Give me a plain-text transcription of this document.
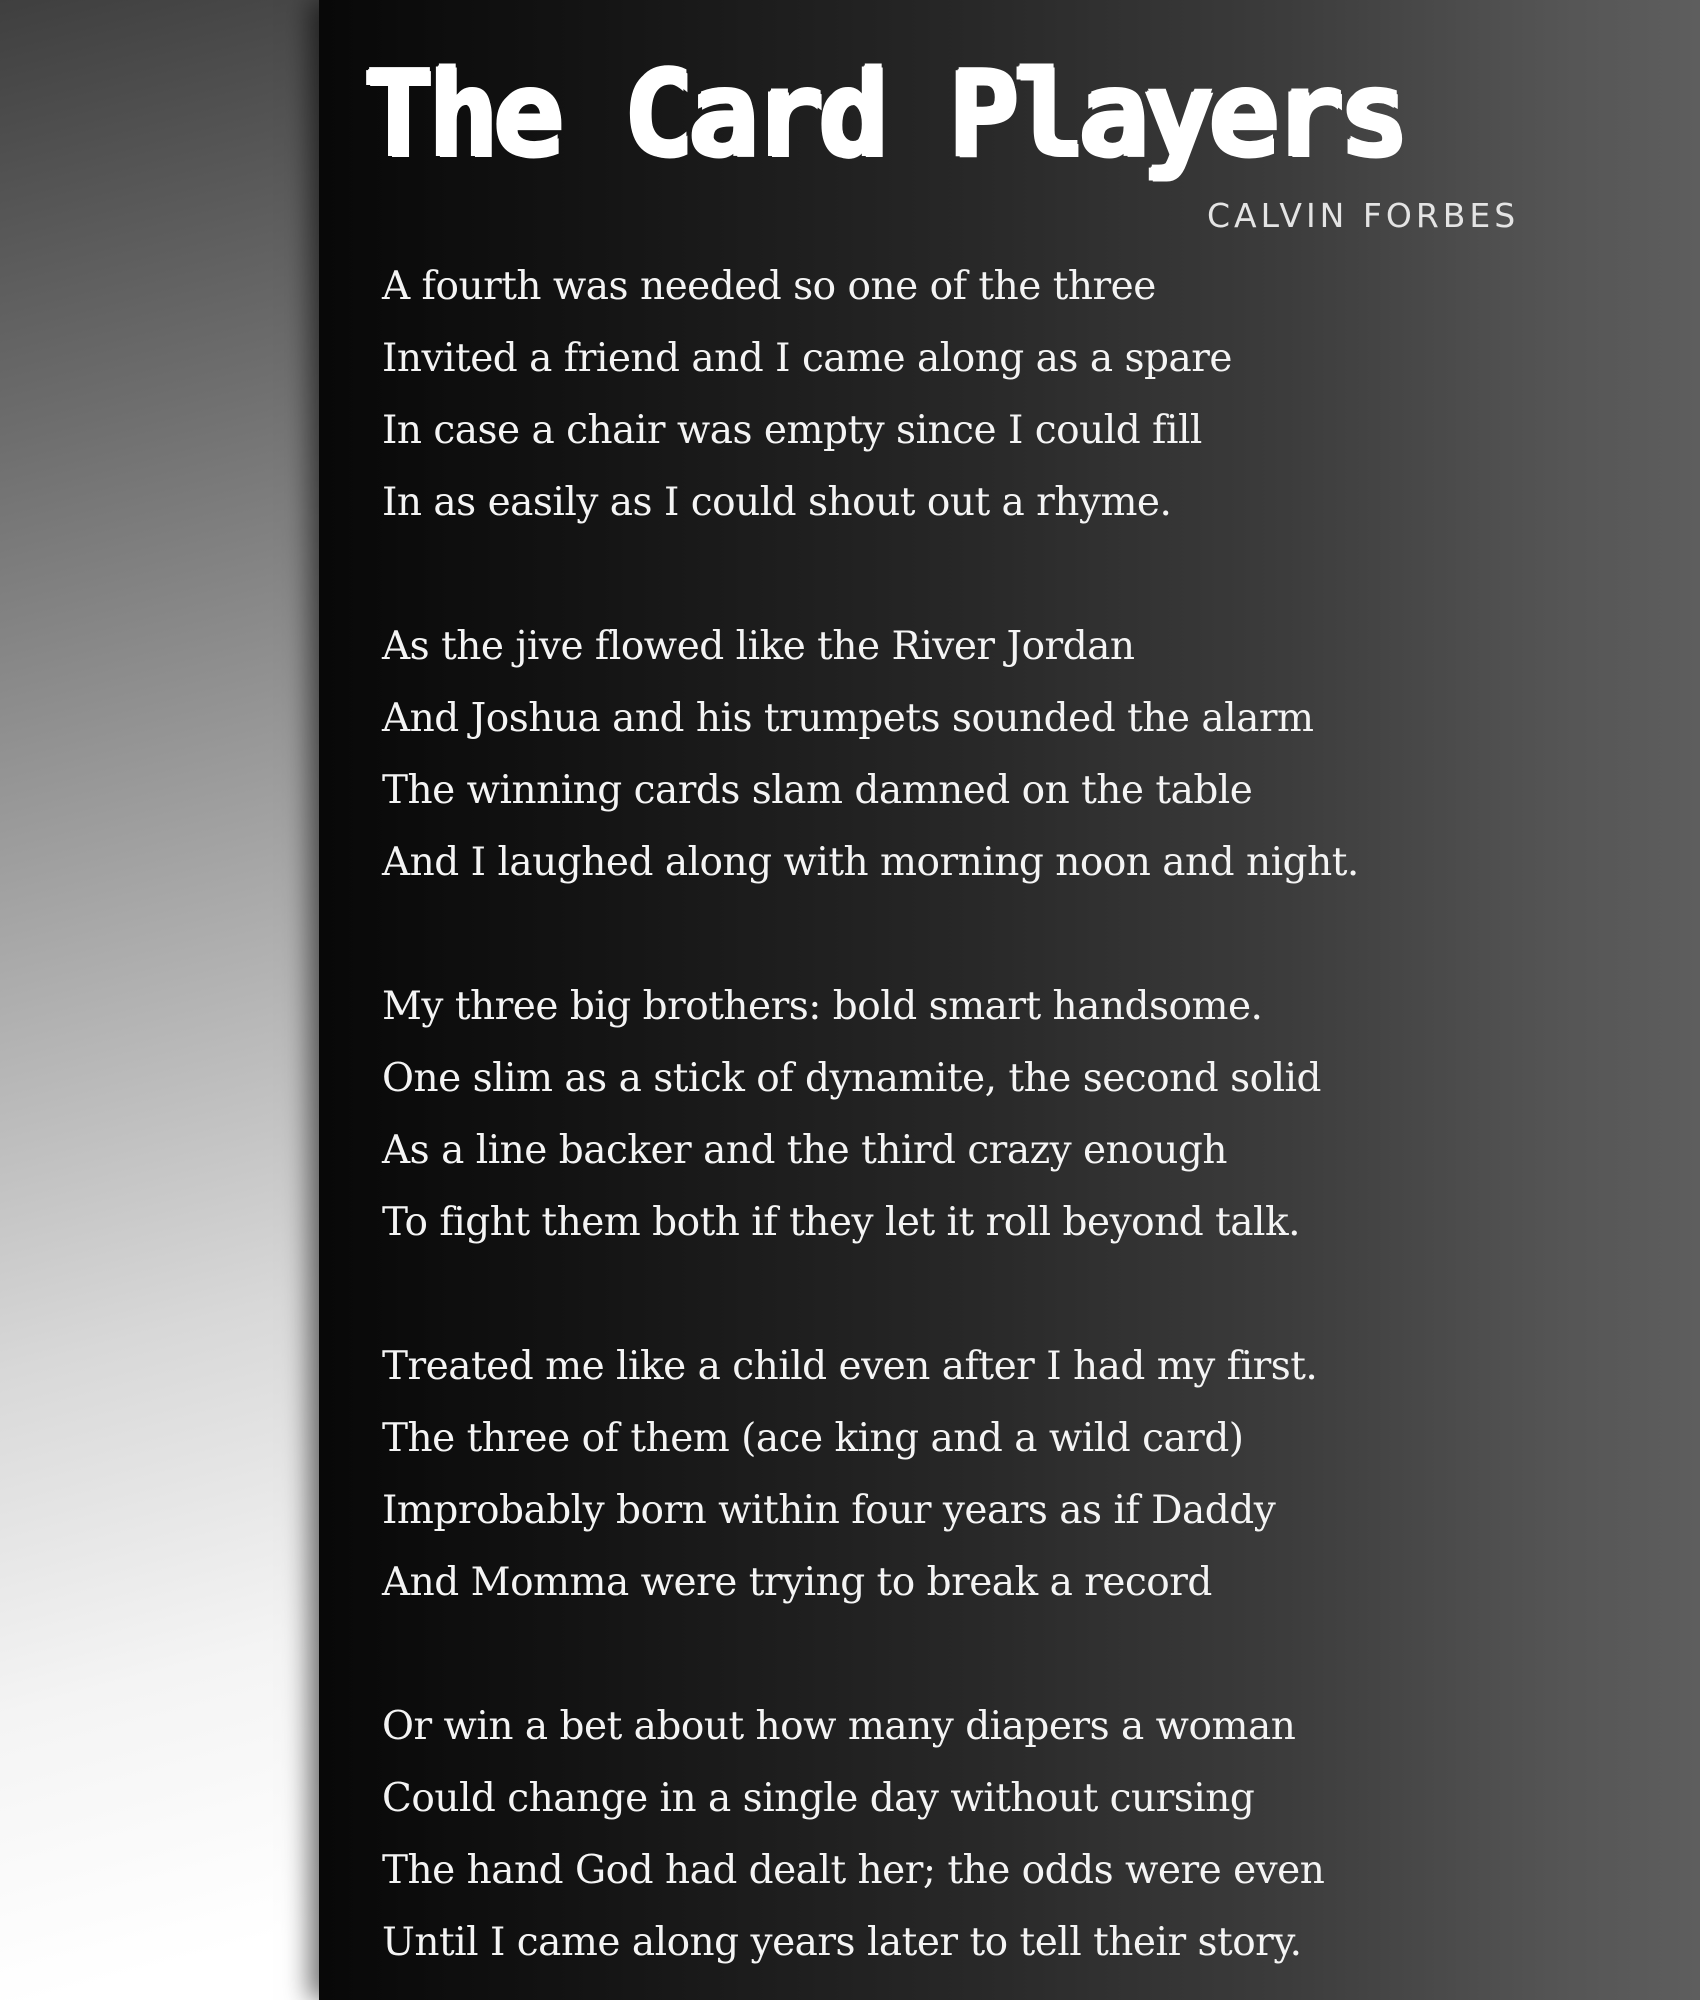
The Card Players
CALVIN FORBES
A fourth was needed so one of the three
Invited a friend and I came along as a spare
In case a chair was empty since I could fill
In as easily as I could shout out a rhyme.
As the jive flowed like the River Jordan
And Joshua and his trumpets sounded the alarm
The winning cards slam damned on the table
And I laughed along with morning noon and night.
My three big brothers: bold smart handsome.
One slim as a stick of dynamite, the second solid
As a line backer and the third crazy enough
To fight them both if they let it roll beyond talk.
Treated me like a child even after I had my first.
The three of them (ace king and a wild card)
Improbably born within four years as if Daddy
And Momma were trying to break a record
Or win a bet about how many diapers a woman
Could change in a single day without cursing
The hand God had dealt her; the odds were even
Until I came along years later to tell their story.
